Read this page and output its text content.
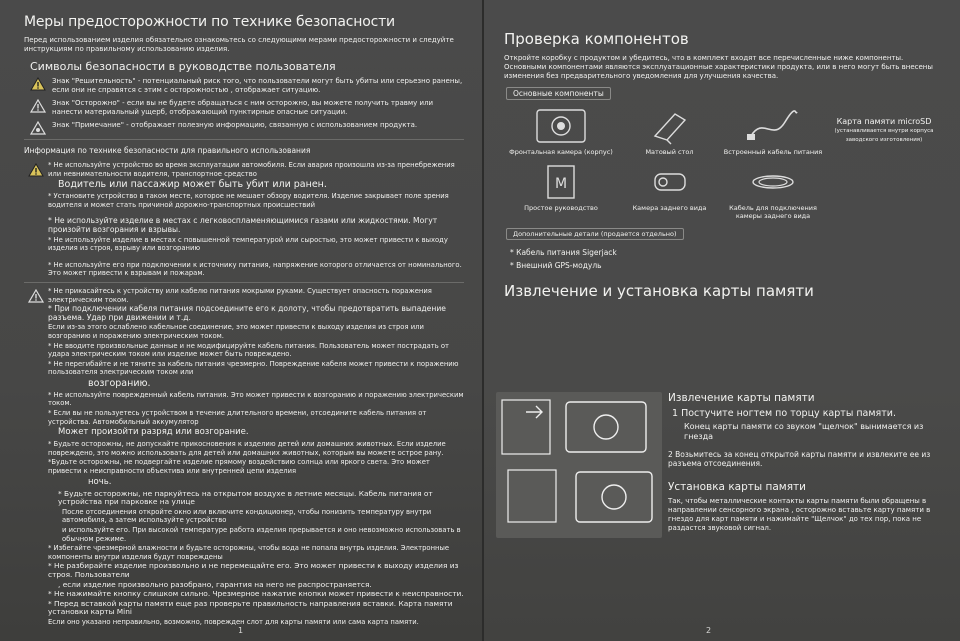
Меры предосторожности по технике безопасности
Перед использованием изделия обязательно ознакомьтесь со следующими мерами предосторожности и следуйте инструкциям по правильному использованию изделия.
Символы безопасности в руководстве пользователя
Знак "Решительность" - потенциальный риск того, что пользователи могут быть убиты или серьезно ранены, если они не справятся с этим с осторожностью , отображает ситуацию.
Знак "Осторожно" - если вы не будете обращаться с ним осторожно, вы можете получить травму или нанести материальный ущерб, отображающий пунктирные опасные ситуации.
Знак "Примечание" - отображает полезную информацию, связанную с использованием продукта.
Информация по технике безопасности для правильного использования
* Не используйте устройство во время эксплуатации автомобиля. Если авария произошла из-за пренебрежения или невнимательности водителя, транспортное средство
Водитель или пассажир может быть убит или ранен.
* Установите устройство в таком месте, которое не мешает обзору водителя. Изделие закрывает поле зрения водителя и может стать причиной дорожно-транспортных происшествий
* Не используйте изделие в местах с легковоспламеняющимися газами или жидкостями. Могут произойти возгорания и взрывы.
* Не используйте изделие в местах с повышенной температурой или сыростью, это может привести к выходу изделия из строя, взрыву или возгоранию
* Не используйте его при подключении к источнику питания, напряжение которого отличается от номинального. Это может привести к взрывам и пожарам.
* Не прикасайтесь к устройству или кабелю питания мокрыми руками. Существует опасность поражения электрическим током.
* При подключении кабеля питания подсоедините его к долоту, чтобы предотвратить выпадение разъема. Удар при движении и т.д.
Если из-за этого ослаблено кабельное соединение, это может привести к выходу изделия из строя или возгоранию и поражению электрическим током.
* Не вводите произвольные данные и не модифицируйте кабель питания. Пользователь может пострадать от удара электрическим током или изделие может быть повреждено.
* Не перегибайте и не тяните за кабель питания чрезмерно. Повреждение кабеля может привести к поражению пользователя электрическим током или
возгоранию.
* Не используйте поврежденный кабель питания. Это может привести к возгоранию и поражению электрическим током.
* Если вы не пользуетесь устройством в течение длительного времени, отсоедините кабель питания от устройства. Автомобильный аккумулятор
Может произойти разряд или возгорание.
* Будьте осторожны, не допускайте прикосновения к изделию детей или домашних животных. Если изделие повреждено, это можно использовать для детей или домашних животных, которым вы можете острое рану.
*Будьте осторожны, не подвергайте изделие прямому воздействию солнца или яркого света. Это может привести к неисправности объектива или внутренней цепи изделия
ночь.
* Будьте осторожны, не паркуйтесь на открытом воздухе в летние месяцы. Кабель питания от устройства при парковке на улице
После отсоединения откройте окно или включите кондиционер, чтобы понизить температуру внутри автомобиля, а затем используйте устройство
и используйте его. При высокой температуре работа изделия прерывается и оно невозможно использовать в обычном режиме.
* Избегайте чрезмерной влажности и будьте осторожны, чтобы вода не попала внутрь изделия. Электронные компоненты внутри изделия будут повреждены
* Не разбирайте изделие произвольно и не перемещайте его. Это может привести к выходу изделия из строя. Пользователи
, если изделие произвольно разобрано, гарантия на него не распространяется.
* Не нажимайте кнопку слишком сильно. Чрезмерное нажатие кнопки может привести к неисправности.
* Перед вставкой карты памяти еще раз проверьте правильность направления вставки. Карта памяти установки карты Mini
Если оно указано неправильно, возможно, поврежден слот для карты памяти или сама карта памяти.
1
Проверка компонентов
Откройте коробку с продуктом и убедитесь, что в комплект входят все перечисленные ниже компоненты. Основными компонентами являются эксплуатационные характеристики продукта, или в него могут быть внесены изменения без предварительного уведомления для улучшения качества.
Основные компоненты
Фронтальная камера (корпус)	Матовый стол	Встроенный кабель питания
Карта памяти microSD
(устанавливается внутри корпуса заводского изготовления)
M
Простое руководство	Камера заднего вида	Кабель для подключения камеры заднего вида
Дополнительные детали (продается отдельно)
* Кабель питания Sigerjack
* Внешний GPS-модуль
Извлечение и установка карты памяти
2
Извлечение карты памяти
1 Постучите ногтем по торцу карты памяти.
Конец карты памяти со звуком "щелчок" вынимается из гнезда
2 Возьмитесь за конец открытой карты памяти и извлеките ее из разъема отсоединения.
Установка карты памяти
Так, чтобы металлические контакты карты памяти были обращены в направлении сенсорного экрана , осторожно вставьте карту памяти в гнездо для карт памяти и нажимайте "Щелчок" до тех пор, пока не раздастся звуковой сигнал.
